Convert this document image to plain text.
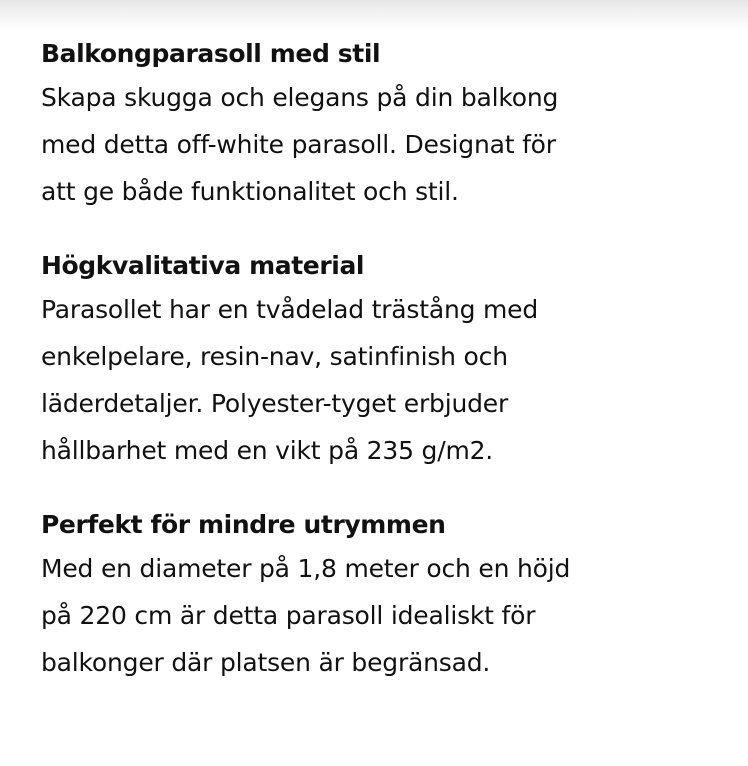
Balkongparasoll med stil

Skapa skugga och elegans på din balkong
med detta off-white parasoll. Designat för
att ge både funktionalitet och stil.

Högkvalitativa material

Parasollet har en tvådelad trästång med
enkelpelare, resin-nav, satinfinish och
läderdetaljer. Polyester-tyget erbjuder
hållbarhet med en vikt på 235 g/m2.

Perfekt för mindre utrymmen

Med en diameter på 1,8 meter och en höjd
på 220 cm är detta parasoll idealiskt för
balkonger där platsen är begränsad.
